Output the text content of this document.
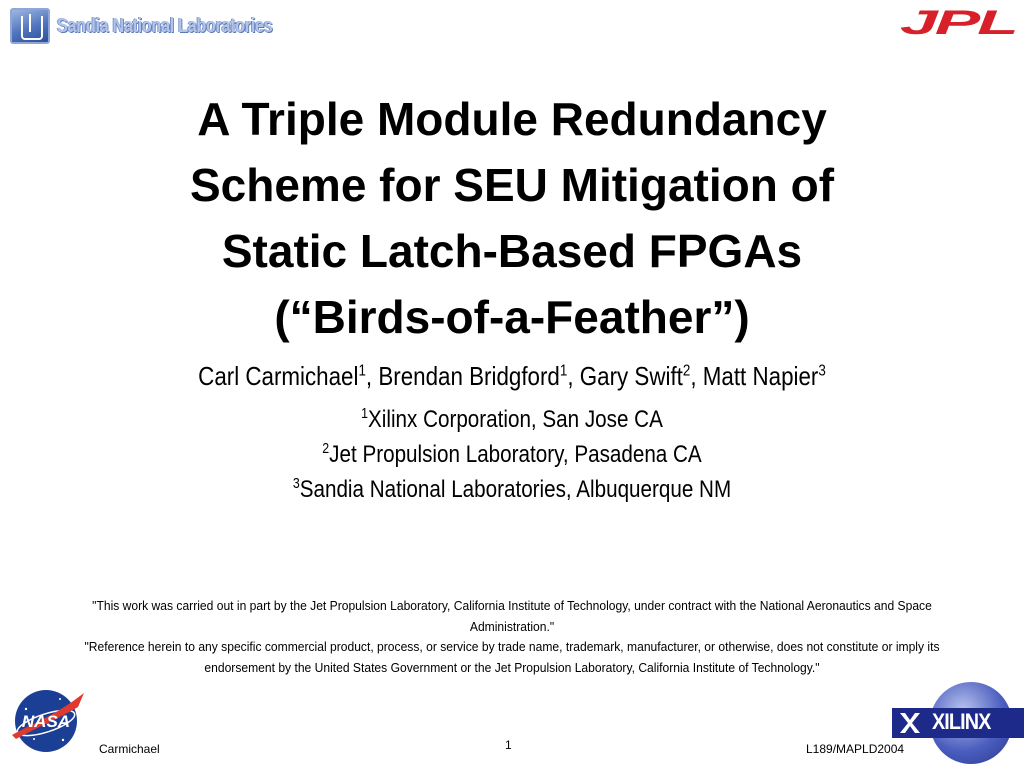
Sandia National Laboratories	JPL
A Triple Module Redundancy
Scheme for SEU Mitigation of
Static Latch-Based FPGAs
(“Birds-of-a-Feather”)
Carl Carmichael$^1$, Brendan Bridgford$^1$, Gary Swift$^2$, Matt Napier$^3$
$^1$Xilinx Corporation, San Jose CA
$^2$Jet Propulsion Laboratory, Pasadena CA
$^3$Sandia National Laboratories, Albuquerque NM
"This work was carried out in part by the Jet Propulsion Laboratory, California Institute of Technology, under contract with the National Aeronautics and Space Administration."
"Reference herein to any specific commercial product, process, or service by trade name, trademark, manufacturer, or otherwise, does not constitute or imply its endorsement by the United States Government or the Jet Propulsion Laboratory, California Institute of Technology."
NASA	XILINX
Carmichael	1	L189/MAPLD2004
